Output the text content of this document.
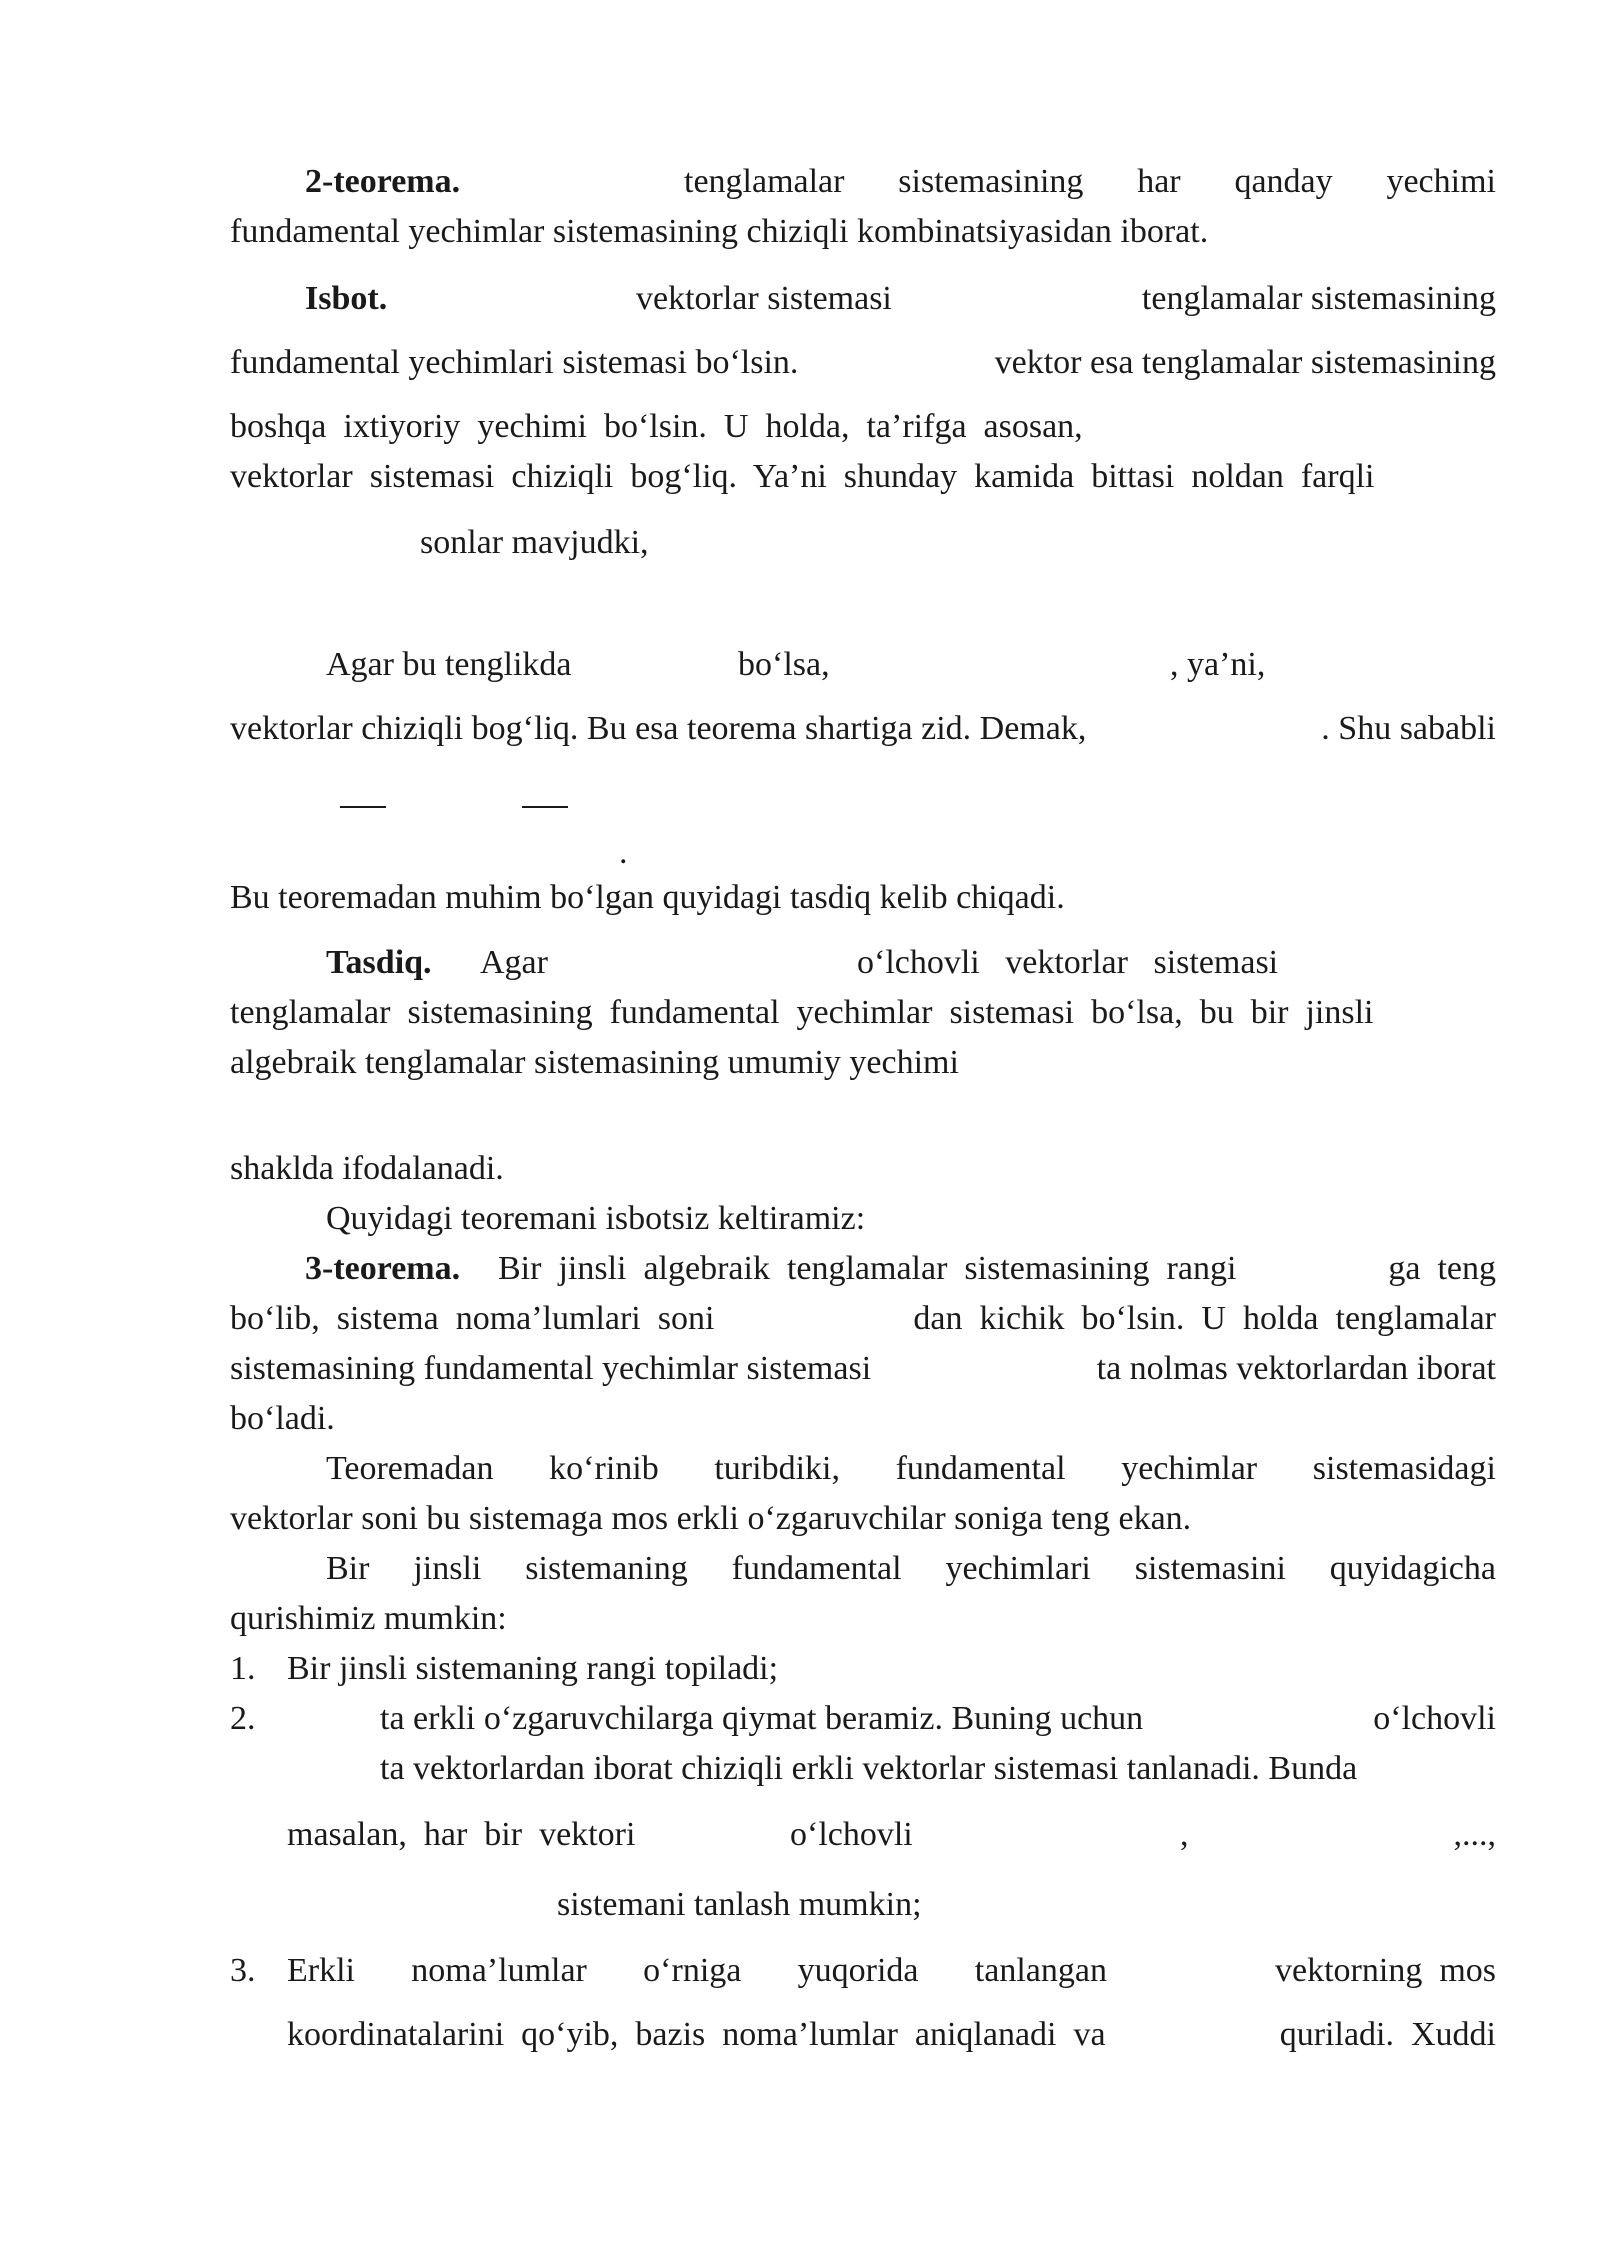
2-teorema.	tenglamalar sistemasining har qanday yechimi
fundamental yechimlar sistemasining chiziqli kombinatsiyasidan iborat.
Isbot.	vektorlar sistemasi	tenglamalar sistemasining
fundamental yechimlari sistemasi bo‘lsin.	vektor esa tenglamalar sistemasining
boshqa  ixtiyoriy  yechimi  bo‘lsin.  U  holda,  ta’rifga  asosan,
vektorlar  sistemasi  chiziqli  bog‘liq.  Ya’ni  shunday  kamida  bittasi  noldan  farqli
sonlar mavjudki,
Agar bu tenglikda	bo‘lsa,	, ya’ni,
vektorlar chiziqli bog‘liq. Bu esa teorema shartiga zid. Demak,	. Shu sababli
.
Bu teoremadan muhim bo‘lgan quyidagi tasdiq kelib chiqadi.
Tasdiq. Agar	o‘lchovli   vektorlar   sistemasi
tenglamalar  sistemasining  fundamental  yechimlar  sistemasi  bo‘lsa,  bu  bir  jinsli
algebraik tenglamalar sistemasining umumiy yechimi
shaklda ifodalanadi.
Quyidagi teoremani isbotsiz keltiramiz:
3-teorema. Bir  jinsli  algebraik  tenglamalar  sistemasining  rangi	ga  teng
bo‘lib,  sistema  noma’lumlari  soni	dan  kichik  bo‘lsin.  U  holda  tenglamalar
sistemasining fundamental yechimlar sistemasi	ta nolmas vektorlardan iborat
bo‘ladi.
Teoremadan ko‘rinib turibdiki, fundamental yechimlar sistemasidagi
vektorlar soni bu sistemaga mos erkli o‘zgaruvchilar soniga teng ekan.
Bir jinsli sistemaning fundamental yechimlari sistemasini quyidagicha
qurishimiz mumkin:
1. Bir jinsli sistemaning rangi topiladi;
2.	ta erkli o‘zgaruvchilarga qiymat beramiz. Buning uchun	o‘lchovli
ta vektorlardan iborat chiziqli erkli vektorlar sistemasi tanlanadi. Bunda
masalan,  har  bir  vektori	o‘lchovli	,	,...,
sistemani tanlash mumkin;
3. Erkli noma’lumlar o‘rniga yuqorida tanlangan	vektorning  mos
koordinatalarini  qo‘yib,  bazis  noma’lumlar  aniqlanadi  va	quriladi.  Xuddi
